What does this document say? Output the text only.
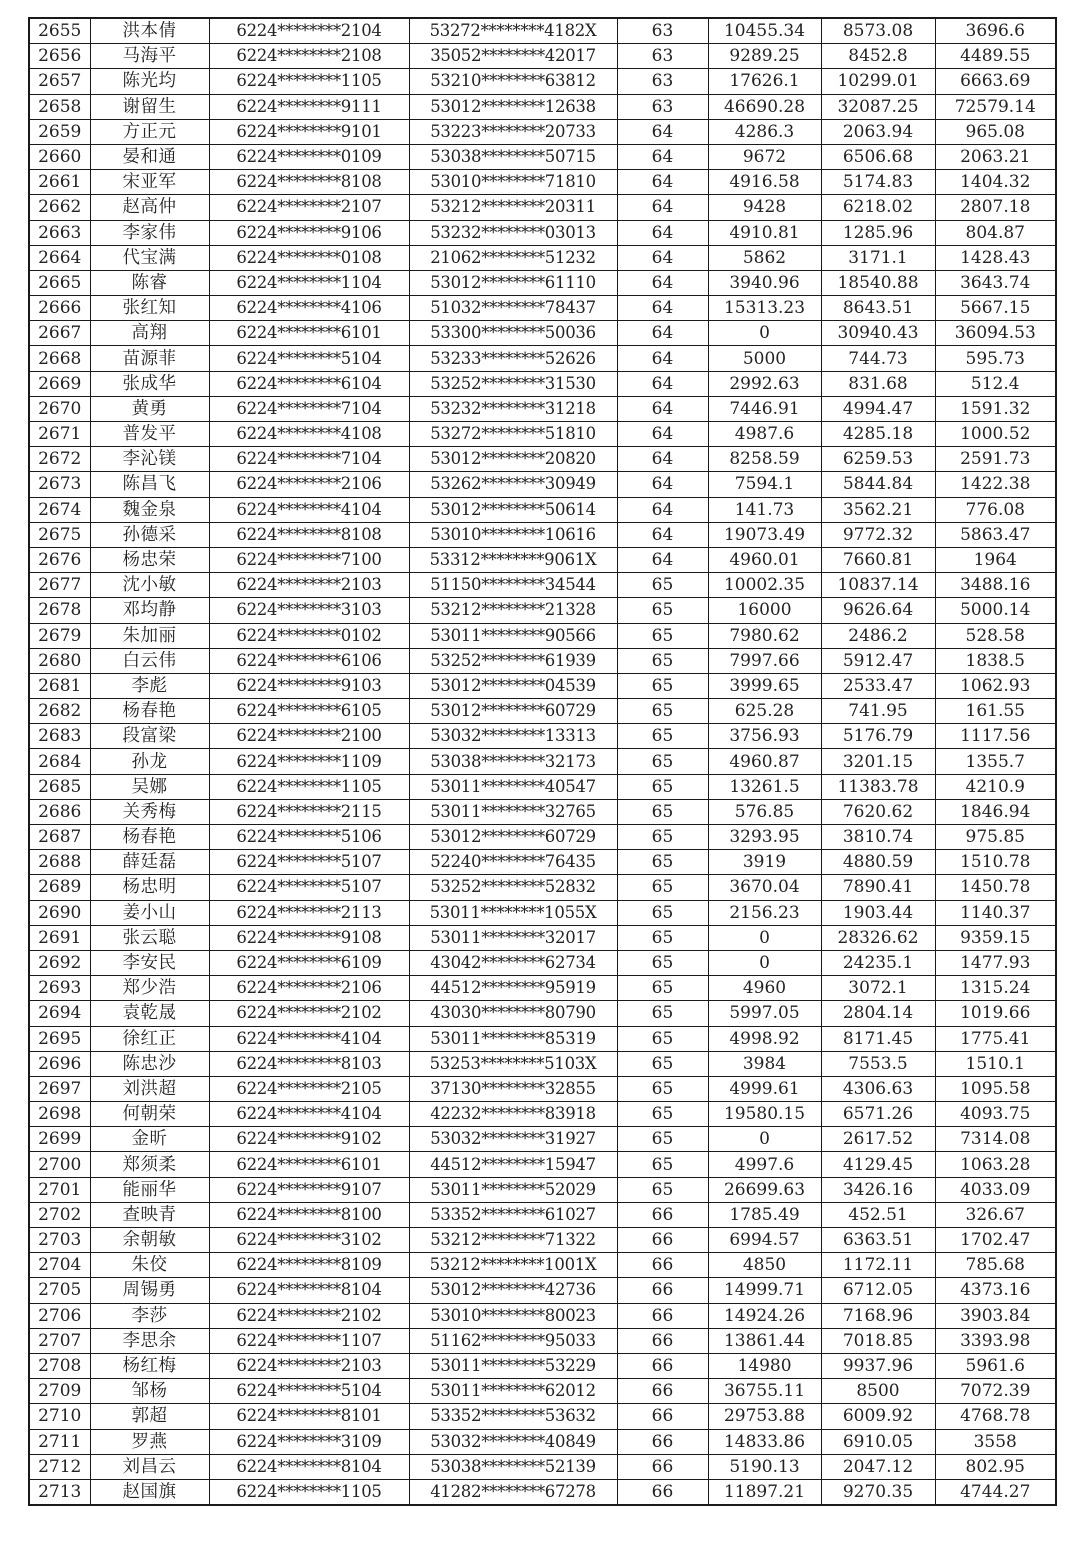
2655	洪本倩	6224********2104	53272********4182X	63	10455.34	8573.08	3696.6
2656	马海平	6224********2108	35052********42017	63	9289.25	8452.8	4489.55
2657	陈光均	6224********1105	53210********63812	63	17626.1	10299.01	6663.69
2658	谢留生	6224********9111	53012********12638	63	46690.28	32087.25	72579.14
2659	方正元	6224********9101	53223********20733	64	4286.3	2063.94	965.08
2660	晏和通	6224********0109	53038********50715	64	9672	6506.68	2063.21
2661	宋亚军	6224********8108	53010********71810	64	4916.58	5174.83	1404.32
2662	赵高仲	6224********2107	53212********20311	64	9428	6218.02	2807.18
2663	李家伟	6224********9106	53232********03013	64	4910.81	1285.96	804.87
2664	代宝满	6224********0108	21062********51232	64	5862	3171.1	1428.43
2665	陈睿	6224********1104	53012********61110	64	3940.96	18540.88	3643.74
2666	张红知	6224********4106	51032********78437	64	15313.23	8643.51	5667.15
2667	高翔	6224********6101	53300********50036	64	0	30940.43	36094.53
2668	苗源菲	6224********5104	53233********52626	64	5000	744.73	595.73
2669	张成华	6224********6104	53252********31530	64	2992.63	831.68	512.4
2670	黄勇	6224********7104	53232********31218	64	7446.91	4994.47	1591.32
2671	普发平	6224********4108	53272********51810	64	4987.6	4285.18	1000.52
2672	李沁镁	6224********7104	53012********20820	64	8258.59	6259.53	2591.73
2673	陈昌飞	6224********2106	53262********30949	64	7594.1	5844.84	1422.38
2674	魏金泉	6224********4104	53012********50614	64	141.73	3562.21	776.08
2675	孙德采	6224********8108	53010********10616	64	19073.49	9772.32	5863.47
2676	杨忠荣	6224********7100	53312********9061X	64	4960.01	7660.81	1964
2677	沈小敏	6224********2103	51150********34544	65	10002.35	10837.14	3488.16
2678	邓均静	6224********3103	53212********21328	65	16000	9626.64	5000.14
2679	朱加丽	6224********0102	53011********90566	65	7980.62	2486.2	528.58
2680	白云伟	6224********6106	53252********61939	65	7997.66	5912.47	1838.5
2681	李彪	6224********9103	53012********04539	65	3999.65	2533.47	1062.93
2682	杨春艳	6224********6105	53012********60729	65	625.28	741.95	161.55
2683	段富梁	6224********2100	53032********13313	65	3756.93	5176.79	1117.56
2684	孙龙	6224********1109	53038********32173	65	4960.87	3201.15	1355.7
2685	吴娜	6224********1105	53011********40547	65	13261.5	11383.78	4210.9
2686	关秀梅	6224********2115	53011********32765	65	576.85	7620.62	1846.94
2687	杨春艳	6224********5106	53012********60729	65	3293.95	3810.74	975.85
2688	薛廷磊	6224********5107	52240********76435	65	3919	4880.59	1510.78
2689	杨忠明	6224********5107	53252********52832	65	3670.04	7890.41	1450.78
2690	姜小山	6224********2113	53011********1055X	65	2156.23	1903.44	1140.37
2691	张云聪	6224********9108	53011********32017	65	0	28326.62	9359.15
2692	李安民	6224********6109	43042********62734	65	0	24235.1	1477.93
2693	郑少浩	6224********2106	44512********95919	65	4960	3072.1	1315.24
2694	袁乾晟	6224********2102	43030********80790	65	5997.05	2804.14	1019.66
2695	徐红正	6224********4104	53011********85319	65	4998.92	8171.45	1775.41
2696	陈忠沙	6224********8103	53253********5103X	65	3984	7553.5	1510.1
2697	刘洪超	6224********2105	37130********32855	65	4999.61	4306.63	1095.58
2698	何朝荣	6224********4104	42232********83918	65	19580.15	6571.26	4093.75
2699	金昕	6224********9102	53032********31927	65	0	2617.52	7314.08
2700	郑须柔	6224********6101	44512********15947	65	4997.6	4129.45	1063.28
2701	能丽华	6224********9107	53011********52029	65	26699.63	3426.16	4033.09
2702	查映青	6224********8100	53352********61027	66	1785.49	452.51	326.67
2703	余朝敏	6224********3102	53212********71322	66	6994.57	6363.51	1702.47
2704	朱佼	6224********8109	53212********1001X	66	4850	1172.11	785.68
2705	周锡勇	6224********8104	53012********42736	66	14999.71	6712.05	4373.16
2706	李莎	6224********2102	53010********80023	66	14924.26	7168.96	3903.84
2707	李思余	6224********1107	51162********95033	66	13861.44	7018.85	3393.98
2708	杨红梅	6224********2103	53011********53229	66	14980	9937.96	5961.6
2709	邹杨	6224********5104	53011********62012	66	36755.11	8500	7072.39
2710	郭超	6224********8101	53352********53632	66	29753.88	6009.92	4768.78
2711	罗燕	6224********3109	53032********40849	66	14833.86	6910.05	3558
2712	刘昌云	6224********8104	53038********52139	66	5190.13	2047.12	802.95
2713	赵国旗	6224********1105	41282********67278	66	11897.21	9270.35	4744.27
